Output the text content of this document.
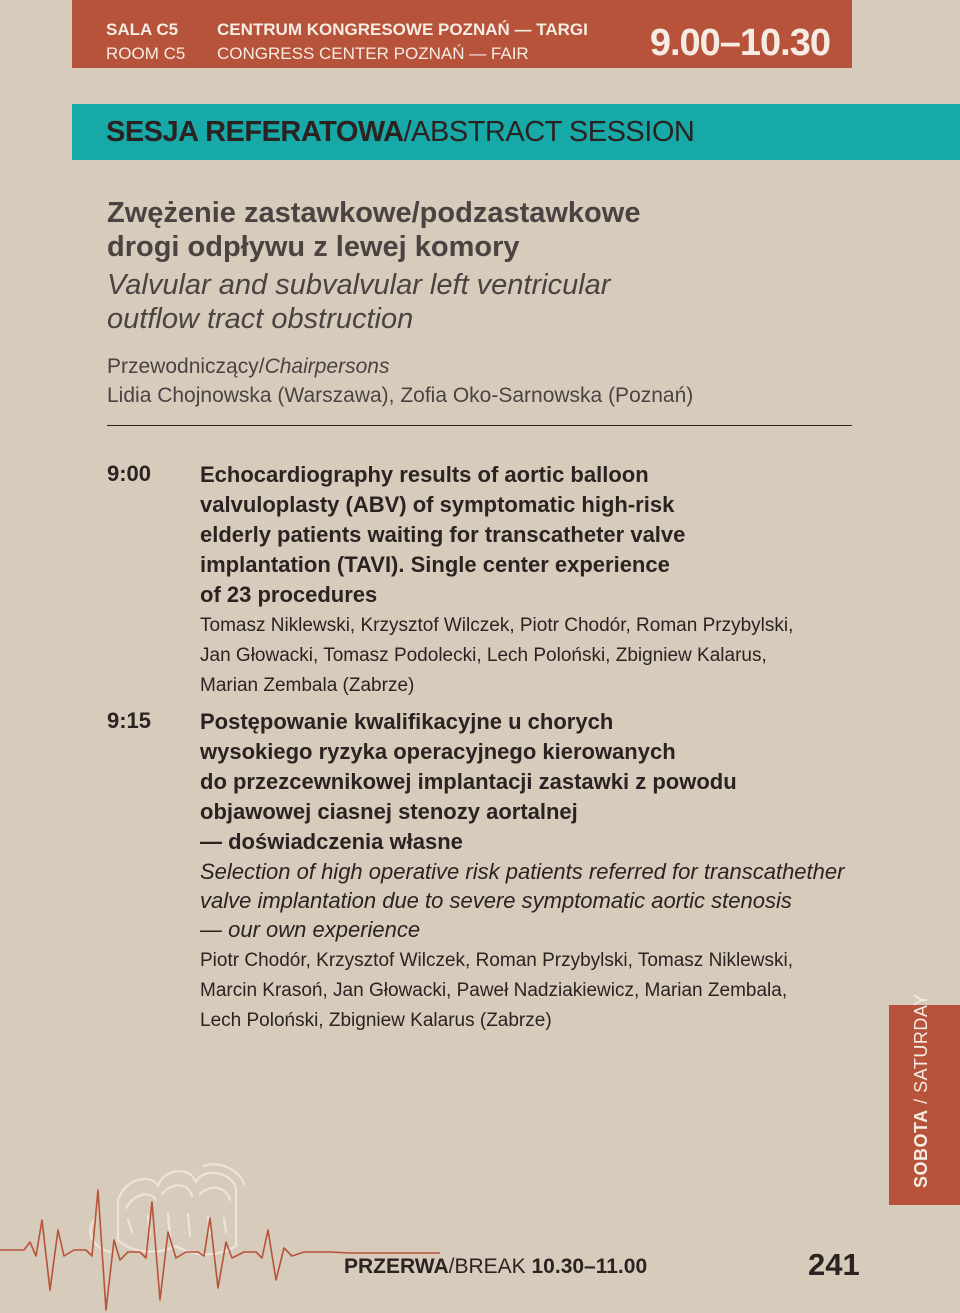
SALA C5
ROOM C5
CENTRUM KONGRESOWE POZNAŃ — TARGI
CONGRESS CENTER POZNAŃ — FAIR	9.00–10.30
SESJA REFERATOWA/ABSTRACT SESSION
Zwężenie zastawkowe/podzastawkowe
drogi odpływu z lewej komory
Valvular and subvalvular left ventricular
outflow tract obstruction
Przewodniczący/Chairpersons
Lidia Chojnowska (Warszawa), Zofia Oko-Sarnowska (Poznań)
9:00 Echocardiography results of aortic balloon
valvuloplasty (ABV) of symptomatic high-risk
elderly patients waiting for transcatheter valve
implantation (TAVI). Single center experience
of 23 procedures
Tomasz Niklewski, Krzysztof Wilczek, Piotr Chodór, Roman Przybylski,
Jan Głowacki, Tomasz Podolecki, Lech Poloński, Zbigniew Kalarus,
Marian Zembala (Zabrze)
9:15 Postępowanie kwalifikacyjne u chorych
wysokiego ryzyka operacyjnego kierowanych
do przezcewnikowej implantacji zastawki z powodu
objawowej ciasnej stenozy aortalnej
— doświadczenia własne
Selection of high operative risk patients referred for transcathether
valve implantation due to severe symptomatic aortic stenosis
— our own experience
Piotr Chodór, Krzysztof Wilczek, Roman Przybylski, Tomasz Niklewski,
Marcin Krasoń, Jan Głowacki, Paweł Nadziakiewicz, Marian Zembala,
Lech Poloński, Zbigniew Kalarus (Zabrze)
SOBOTA / SATURDAY
PRZERWA/BREAK 10.30–11.00	241
